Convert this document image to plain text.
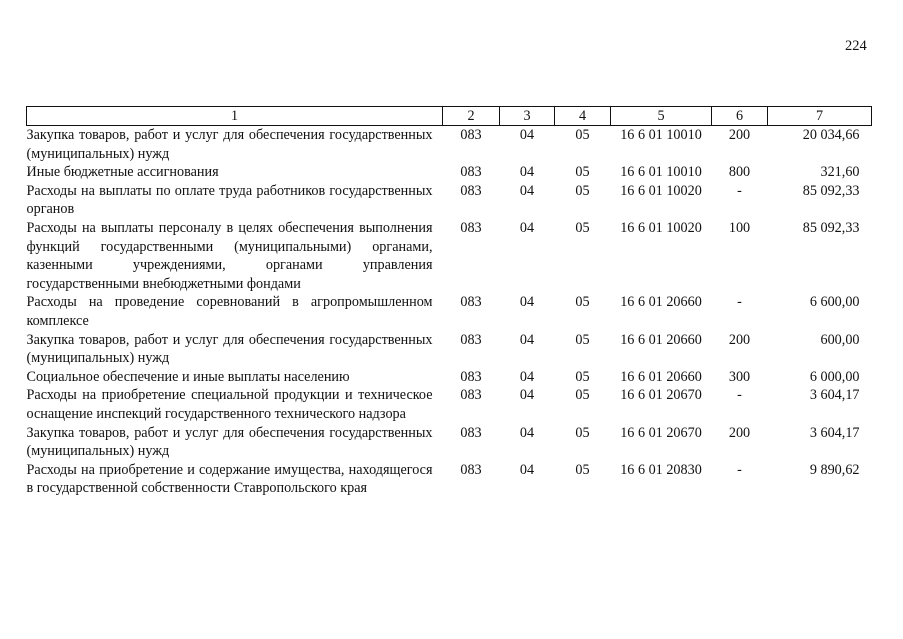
224
1	2	3	4	5	6	7
Закупка товаров, работ и услуг для обеспечения государственных (муниципальных) нужд	083	04	05	16 6 01 10010	200	20 034,66
Иные бюджетные ассигнования	083	04	05	16 6 01 10010	800	321,60
Расходы на выплаты по оплате труда работников государственных органов	083	04	05	16 6 01 10020	-	85 092,33
Расходы на выплаты персоналу в целях обеспечения выполнения функций государственными (муниципальными) органами, казенными учреждениями, органами управления государственными внебюджетными фондами	083	04	05	16 6 01 10020	100	85 092,33
Расходы на проведение соревнований в агропромышленном комплексе	083	04	05	16 6 01 20660	-	6 600,00
Закупка товаров, работ и услуг для обеспечения государственных (муниципальных) нужд	083	04	05	16 6 01 20660	200	600,00
Социальное обеспечение и иные выплаты населению	083	04	05	16 6 01 20660	300	6 000,00
Расходы на приобретение специальной продукции и техническое оснащение инспекций государственного технического надзора	083	04	05	16 6 01 20670	-	3 604,17
Закупка товаров, работ и услуг для обеспечения государственных (муниципальных) нужд	083	04	05	16 6 01 20670	200	3 604,17
Расходы на приобретение и содержание имущества, находящегося в государственной собственности Ставропольского края	083	04	05	16 6 01 20830	-	9 890,62
